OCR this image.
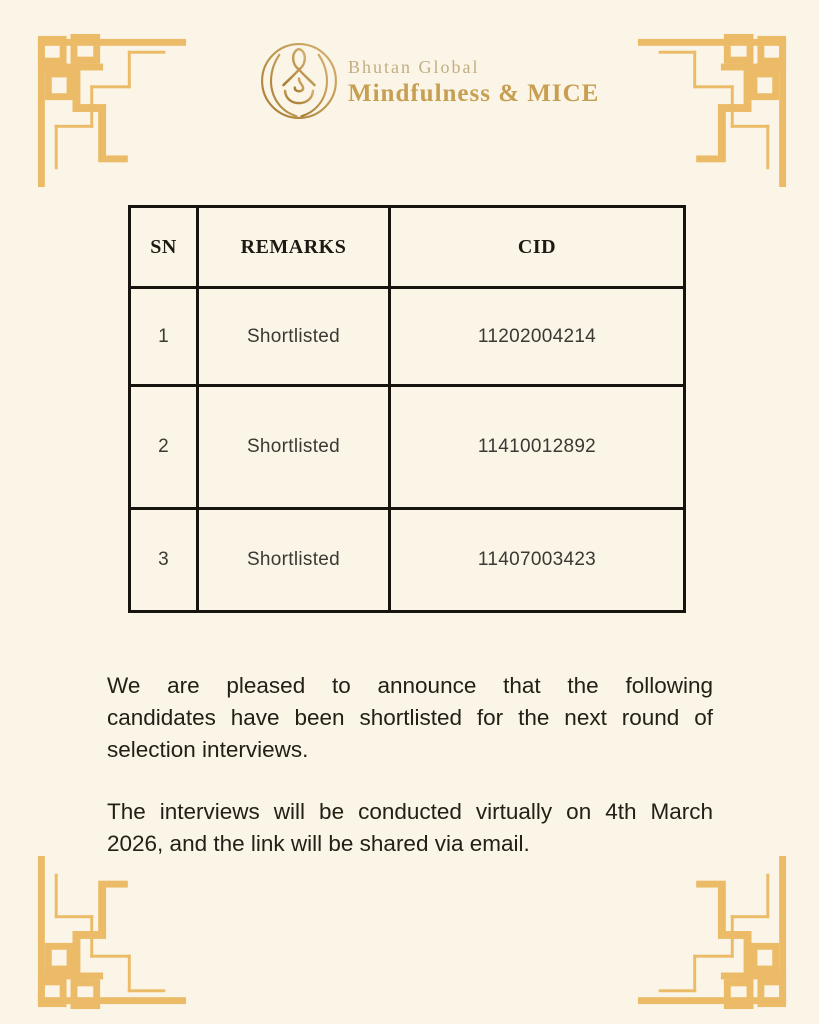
Bhutan Global
Mindfulness & MICE
SN	REMARKS	CID
1	Shortlisted	11202004214
2	Shortlisted	11410012892
3	Shortlisted	11407003423
We are pleased to announce that the following
candidates have been shortlisted for the next round of
selection interviews.
The interviews will be conducted virtually on 4th March
2026, and the link will be shared via email.
